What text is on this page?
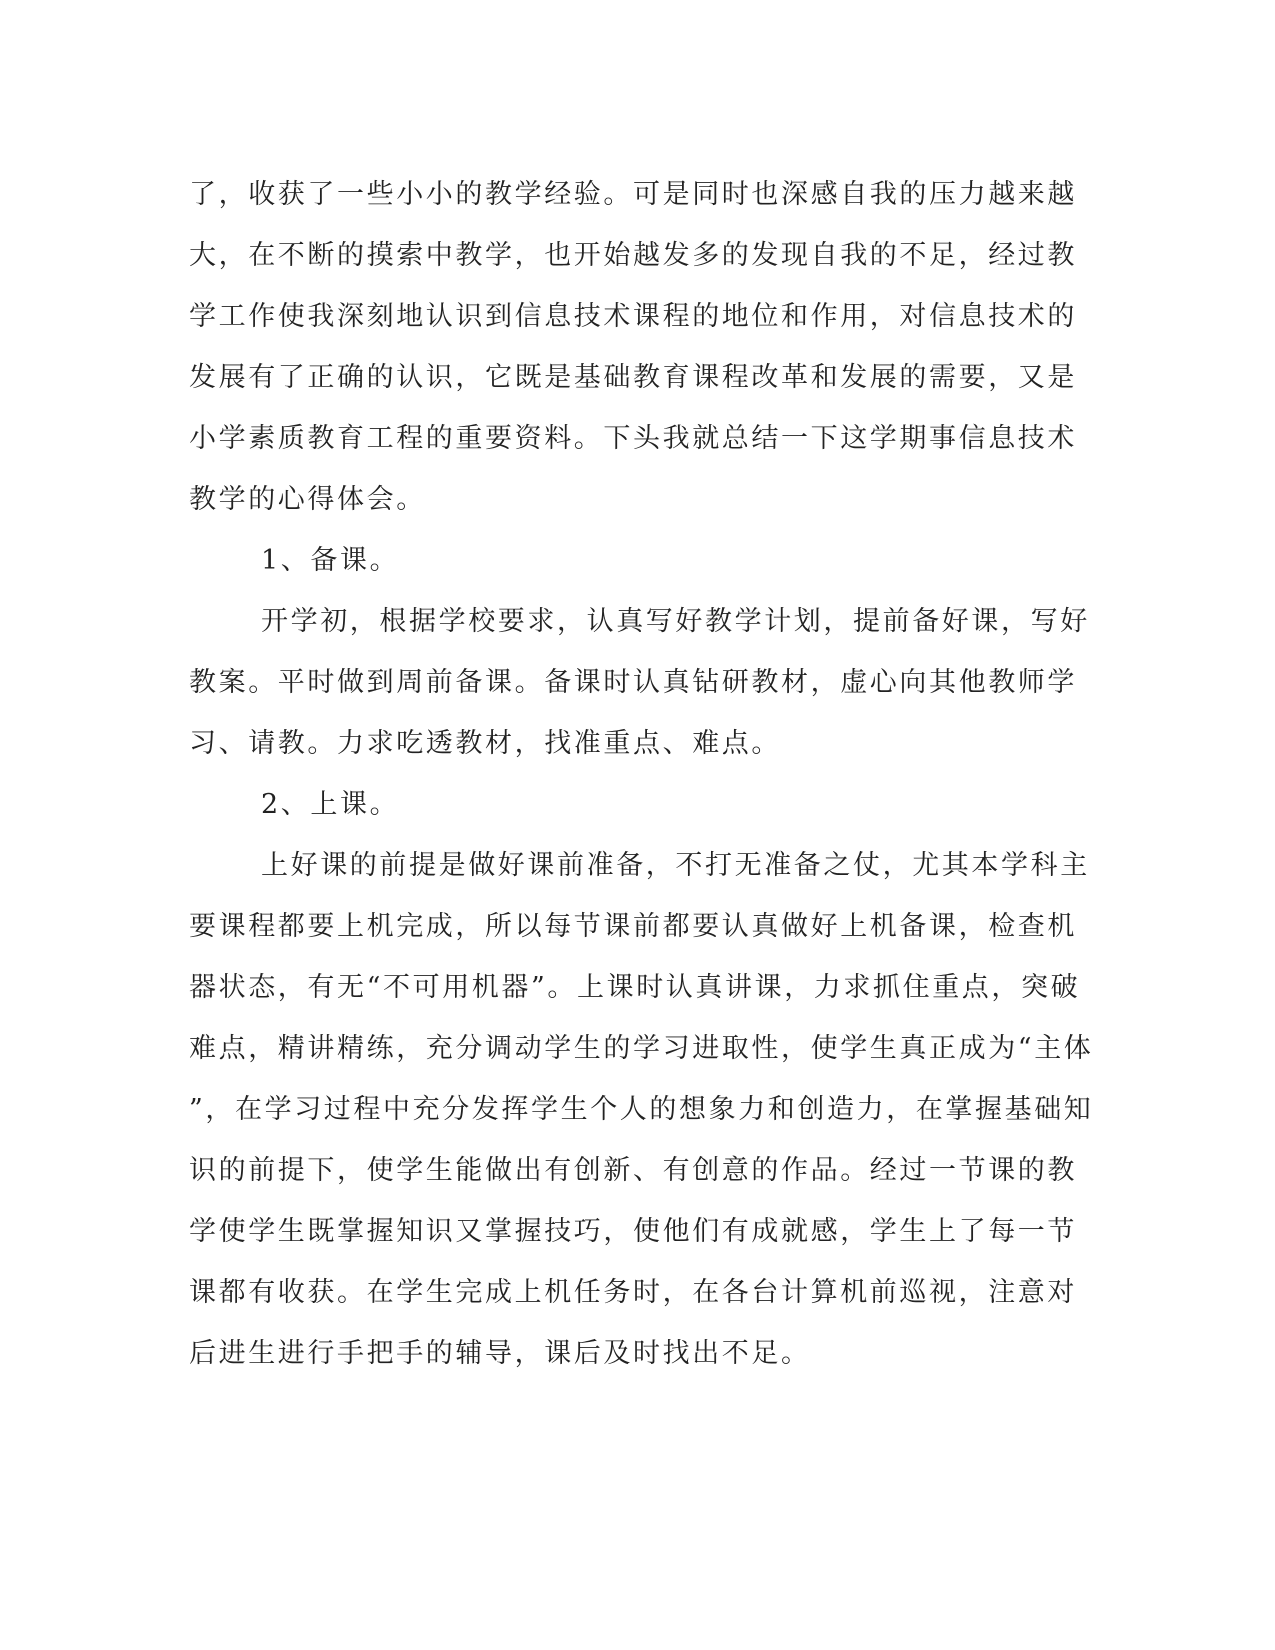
了，收获了一些小小的教学经验。可是同时也深感自我的压力越来越
大，在不断的摸索中教学，也开始越发多的发现自我的不足，经过教
学工作使我深刻地认识到信息技术课程的地位和作用，对信息技术的
发展有了正确的认识，它既是基础教育课程改革和发展的需要，又是
小学素质教育工程的重要资料。下头我就总结一下这学期事信息技术
教学的心得体会。
1、备课。
开学初，根据学校要求，认真写好教学计划，提前备好课，写好
教案。平时做到周前备课。备课时认真钻研教材，虚心向其他教师学
习、请教。力求吃透教材，找准重点、难点。
2、上课。
上好课的前提是做好课前准备，不打无准备之仗，尤其本学科主
要课程都要上机完成，所以每节课前都要认真做好上机备课，检查机
器状态，有无“不可用机器”。上课时认真讲课，力求抓住重点，突破
难点，精讲精练，充分调动学生的学习进取性，使学生真正成为“主体
”，在学习过程中充分发挥学生个人的想象力和创造力，在掌握基础知
识的前提下，使学生能做出有创新、有创意的作品。经过一节课的教
学使学生既掌握知识又掌握技巧，使他们有成就感，学生上了每一节
课都有收获。在学生完成上机任务时，在各台计算机前巡视，注意对
后进生进行手把手的辅导，课后及时找出不足。
